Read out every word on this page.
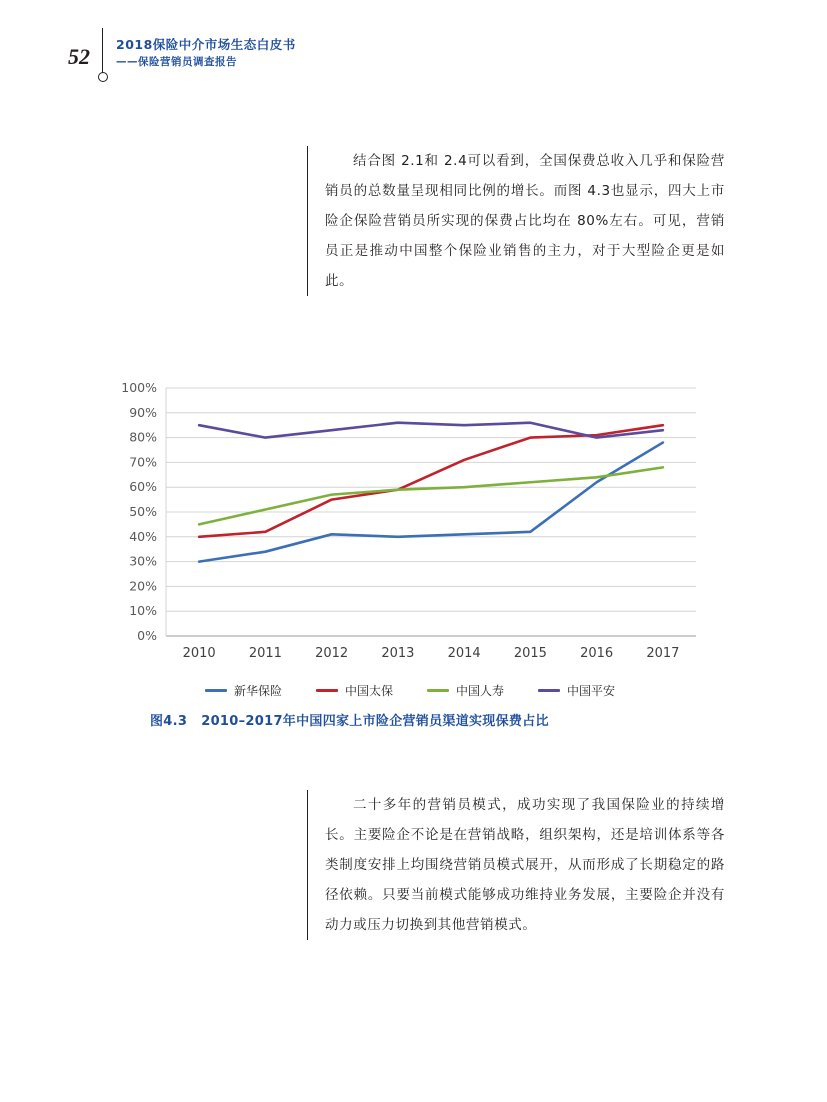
52 2018保险中介市场生态白皮书
——保险营销员调查报告

结合图 2.1和 2.4可以看到，全国保费总收入几乎和保险营销员的总数量呈现相同比例的增长。而图 4.3也显示，四大上市险企保险营销员所实现的保费占比均在 80%左右。可见，营销员正是推动中国整个保险业销售的主力，对于大型险企更是如此。

0%
10%
20%
30%
40%
50%
60%
70%
80%
90%
100%
2010	2011	2012	2013	2014	2015	2016	2017
新华保险	中国太保	中国人寿	中国平安
图4.3 2010–2017年中国四家上市险企营销员渠道实现保费占比

二十多年的营销员模式，成功实现了我国保险业的持续增长。主要险企不论是在营销战略，组织架构，还是培训体系等各类制度安排上均围绕营销员模式展开，从而形成了长期稳定的路径依赖。只要当前模式能够成功维持业务发展，主要险企并没有动力或压力切换到其他营销模式。
